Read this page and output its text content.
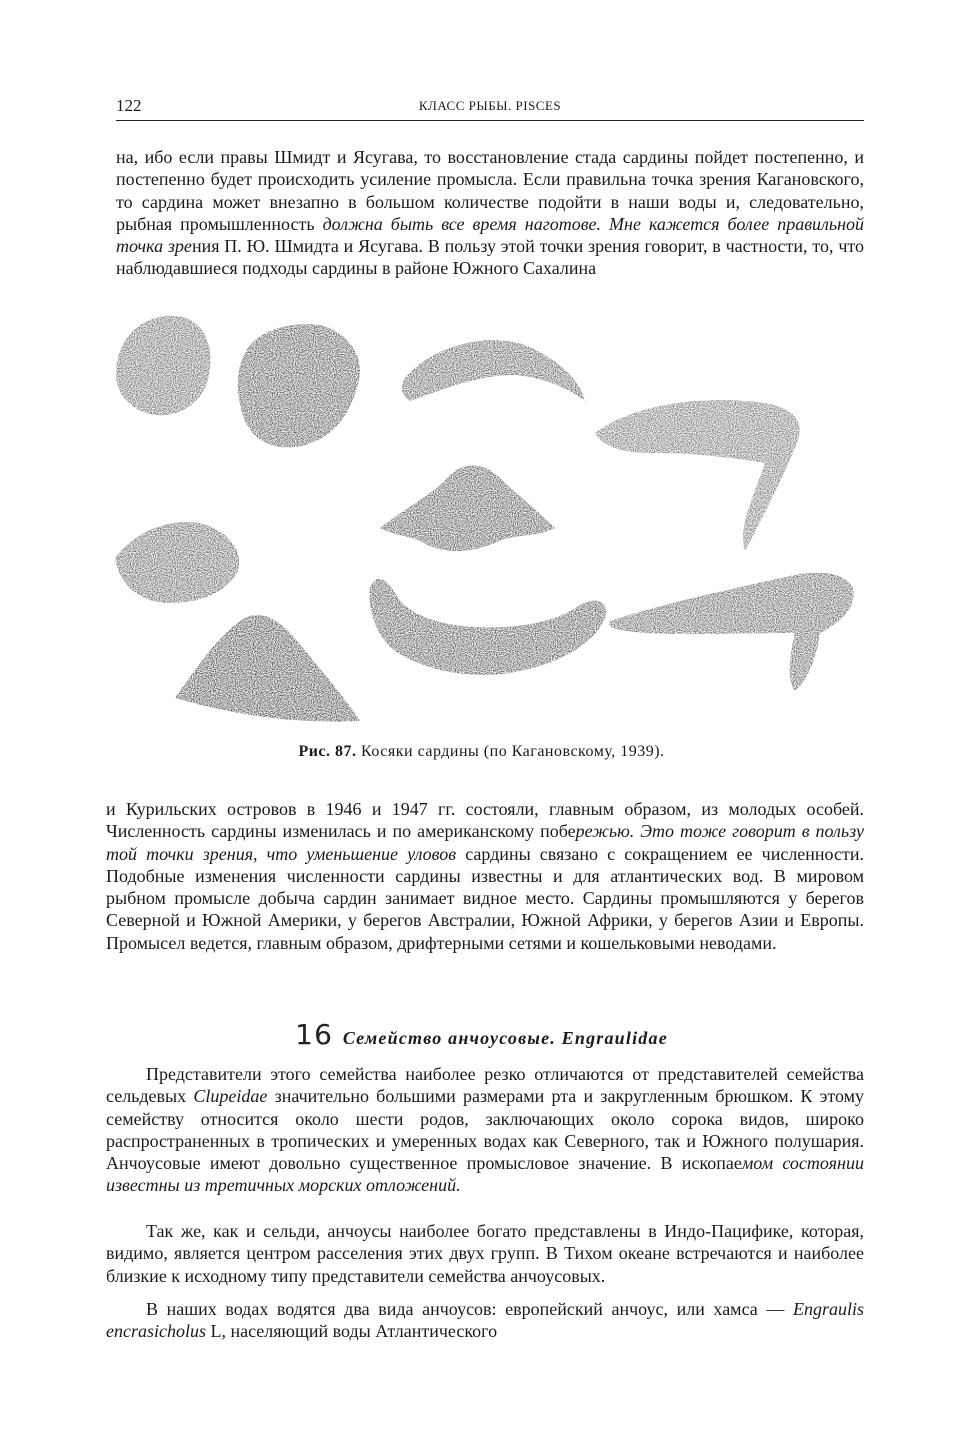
122	КЛАСС РЫБЫ. PISCES
на, ибо если правы Шмидт и Ясугава, то восстановление стада сардины пойдет постепенно, и постепенно будет происходить усиление промысла. Если правильна точка зрения Кагановского, то сардина может внезапно в большом количестве подойти в наши воды и, следовательно, рыбная промышленность должна быть все время наготове. Мне кажется более правильной точка зрения П. Ю. Шмидта и Ясугава. В пользу этой точки зрения говорит, в частности, то, что наблюдавшиеся подходы сардины в районе Южного Сахалина
Рис. 87. Косяки сардины (по Кагановскому, 1939).
и Курильских островов в 1946 и 1947 гг. состояли, главным образом, из молодых особей. Численность сардины изменилась и по американскому побережью. Это тоже говорит в пользу той точки зрения, что уменьшение уловов сардины связано с сокращением ее численности. Подобные изменения численности сардины известны и для атлантических вод. В мировом рыбном промысле добыча сардин занимает видное место. Сардины промышляются у берегов Северной и Южной Америки, у берегов Австралии, Южной Африки, у берегов Азии и Европы. Промысел ведется, главным образом, дрифтерными сетями и кошельковыми неводами.
16 Семейство анчоусовые. Engraulidae
Представители этого семейства наиболее резко отличаются от представителей семейства сельдевых Clupeidae значительно большими размерами рта и закругленным брюшком. К этому семейству относится около шести родов, заключающих около сорока видов, широко распространенных в тропических и умеренных водах как Северного, так и Южного полушария. Анчоусовые имеют довольно существенное промысловое значение. В ископаемом состоянии известны из третичных морских отложений.
Так же, как и сельди, анчоусы наиболее богато представлены в Индо-Пацифике, которая, видимо, является центром расселения этих двух групп. В Тихом океане встречаются и наиболее близкие к исходному типу представители семейства анчоусовых.
В наших водах водятся два вида анчоусов: европейский анчоус, или хамса — Engraulis encrasicholus L, населяющий воды Атлантического
